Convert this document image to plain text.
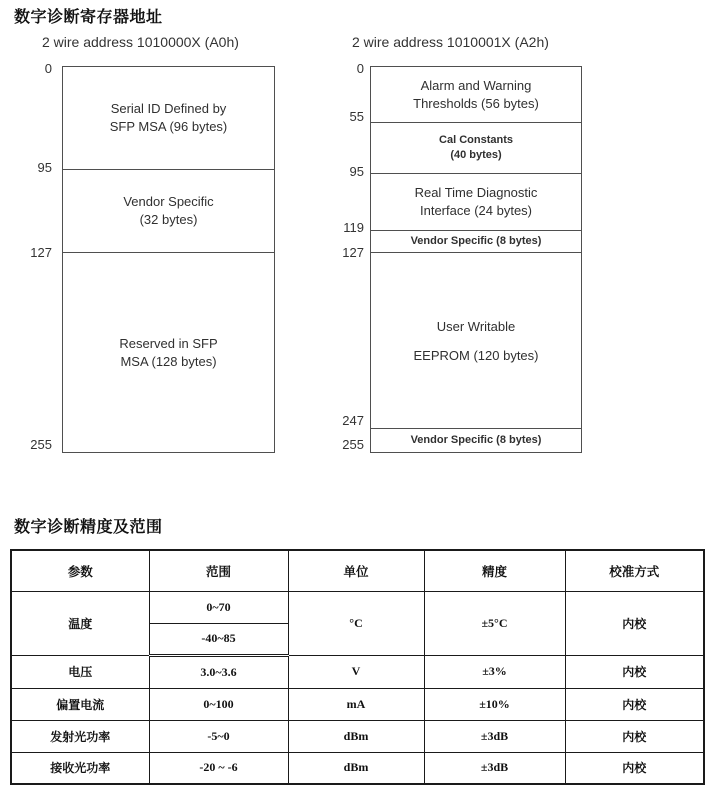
数字诊断寄存器地址
2 wire address 1010000X (A0h)	2 wire address 1010001X (A2h)
Serial ID Defined by
SFP MSA (96 bytes)
Vendor Specific
(32 bytes)
Reserved in SFP
MSA (128 bytes)
0
95
127
255
Alarm and Warning
Thresholds (56 bytes)
Cal Constants
(40 bytes)
Real Time Diagnostic
Interface (24 bytes)
Vendor Specific (8 bytes)
User Writable
EEPROM (120 bytes)
Vendor Specific (8 bytes)
0
55
95
119
127
247
255
数字诊断精度及范围
参数	范围	单位	精度	校准方式
温度	0~70	°C	±5°C	内校
	-40~85			
电压	3.0~3.6	V	±3%	内校
偏置电流	0~100	mA	±10%	内校
发射光功率	-5~0	dBm	±3dB	内校
接收光功率	-20 ~ -6	dBm	±3dB	内校
